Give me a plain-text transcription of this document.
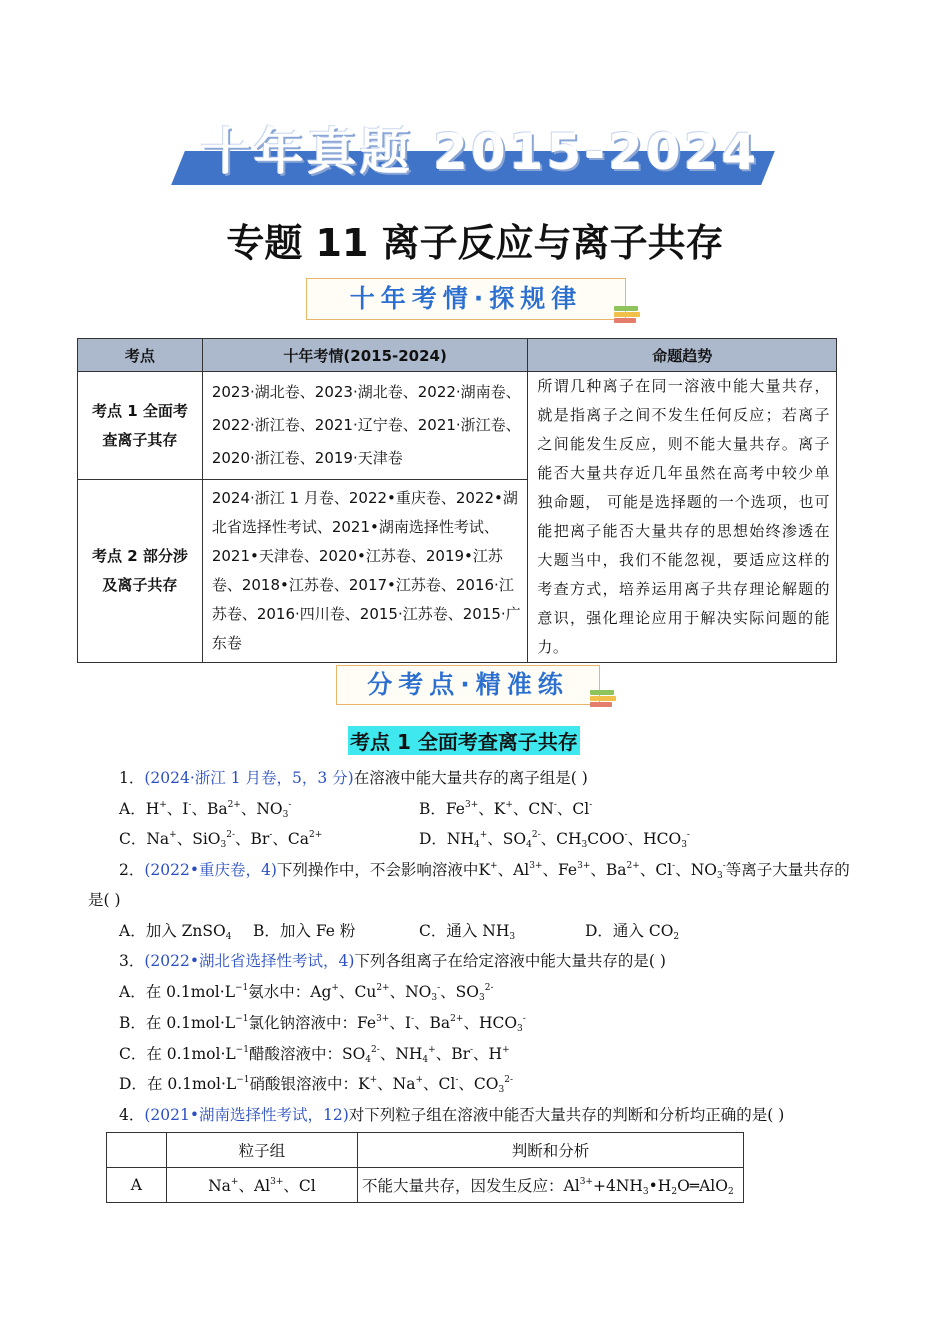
十年真题 2015-2024
专题 11 离子反应与离子共存
十年考情·探规律
考点	十年考情(2015-2024)	命题趋势

考点 1 全面考
查离子其存	2023·湖北卷、2023·湖北卷、2022·湖南卷、2022·浙江卷、2021·辽宁卷、2021·浙江卷、2020·浙江卷、2019·天津卷	所谓几种离子在同一溶液中能大量共存，就是指离子之间不发生任何反应；若离子之间能发生反应，则不能大量共存。离子能否大量共存近几年虽然在高考中较少单独命题， 可能是选择题的一个选项，也可能把离子能否大量共存的思想始终渗透在大题当中，我们不能忽视，要适应这样的考查方式，培养运用离子共存理论解题的意识，强化理论应用于解决实际问题的能力。

考点 2 部分涉
及离子共存	2024·浙江 1 月卷、2022•重庆卷、2022•湖北省选择性考试、2021•湖南选择性考试、2021•天津卷、2020•江苏卷、2019•江苏卷、2018•江苏卷、2017•江苏卷、2016·江苏卷、2016·四川卷、2015·江苏卷、2015·广东卷	
分考点·精准练
考点 1 全面考查离子共存
1．(2024·浙江 1 月卷，5，3 分)在溶液中能大量共存的离子组是( )
A．H+、I-、$Ba^{2+}$、$NO_3^-$	B．$Fe^{3+}$、K+、CN-、Cl-
C．Na+、SiO$_3^{2-}$、Br-、$Ca^{2+}$	D．$NH_4^+$、$SO_4^{2-}$、$CH_3COO^-$、$HCO_3^-$
2．(2022•重庆卷，4)下列操作中，不会影响溶液中K+、$Al^{3+}$、$Fe^{3+}$、$Ba^{2+}$、Cl-、$NO_3^-$等离子大量共存的
是( )
A．加入 ZnSO$_4$ B．加入 Fe 粉	C．通入 $NH_3$	D．通入 $CO_2$
3．(2022•湖北省选择性考试，4)下列各组离子在给定溶液中能大量共存的是( )
A．在 $0.1mol\cdot L^{-1}$氨水中：Ag+、$Cu^{2+}$、$NO_3^-$、$SO_3^{2-}$
B．在 $0.1mol\cdot L^{-1}$氯化钠溶液中：$Fe^{3+}$、I-、$Ba^{2+}$、$HCO_3^-$
C．在 $0.1mol\cdot L^{-1}$醋酸溶液中：$SO_4^{2-}$、$NH_4^+$、Br-、H+
D．在 $0.1mol\cdot L^{-1}$硝酸银溶液中：K+、Na+、Cl-、$CO_3^{2-}$
4．(2021•湖南选择性考试，12)对下列粒子组在溶液中能否大量共存的判断和分析均正确的是( )
	粒子组	判断和分析
A	Na+、$Al^{3+}$、Cl	不能大量共存，因发生反应：$Al^{3+}+4NH_3•H_2O═AlO_2$
